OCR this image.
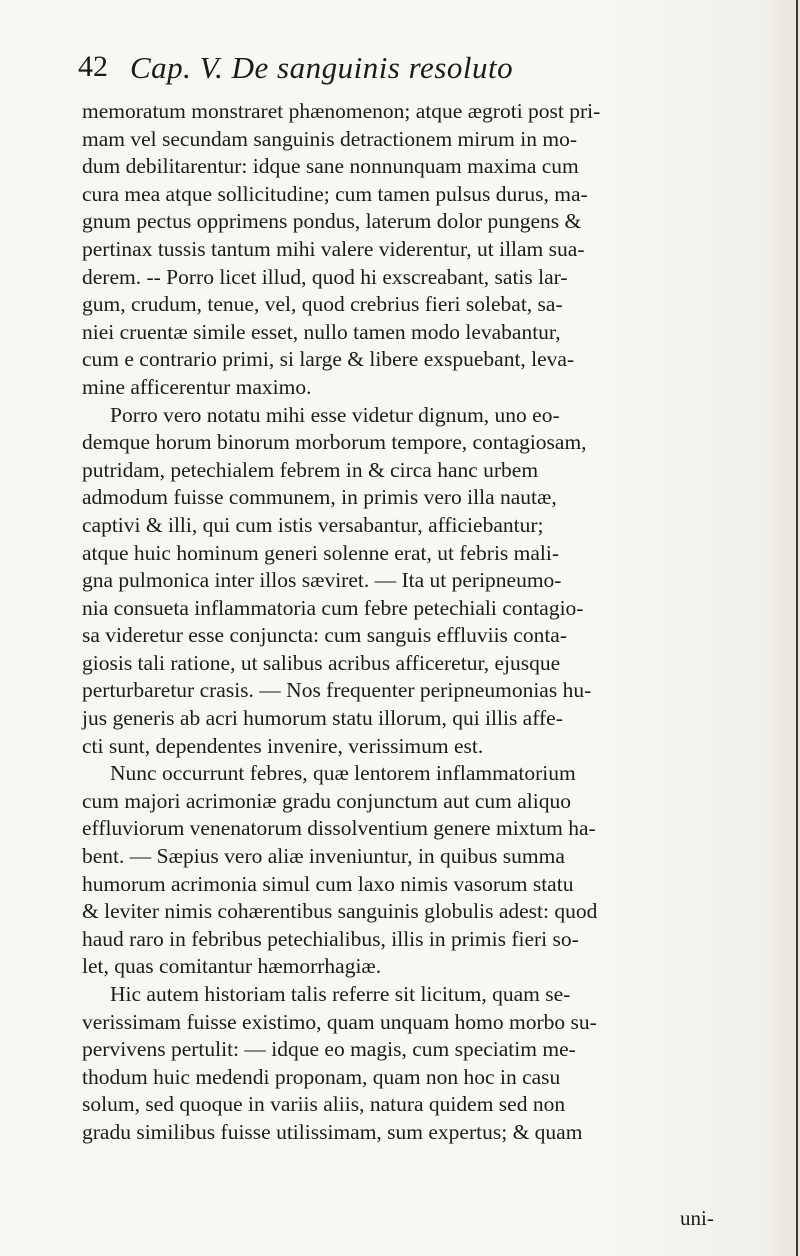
42 Cap. V. De sanguinis resoluto
memoratum monstraret phænomenon; atque ægroti post pri-
mam vel secundam sanguinis detractionem mirum in mo-
dum debilitarentur: idque sane nonnunquam maxima cum
cura mea atque sollicitudine; cum tamen pulsus durus, ma-
gnum pectus opprimens pondus, laterum dolor pungens &
pertinax tussis tantum mihi valere viderentur, ut illam sua-
derem. -- Porro licet illud, quod hi exscreabant, satis lar-
gum, crudum, tenue, vel, quod crebrius fieri solebat, sa-
niei cruentæ simile esset, nullo tamen modo levabantur,
cum e contrario primi, si large & libere exspuebant, leva-
mine afficerentur maximo.
Porro vero notatu mihi esse videtur dignum, uno eo-
demque horum binorum morborum tempore, contagiosam,
putridam, petechialem febrem in & circa hanc urbem
admodum fuisse communem, in primis vero illa nautæ,
captivi & illi, qui cum istis versabantur, afficiebantur;
atque huic hominum generi solenne erat, ut febris mali-
gna pulmonica inter illos sæviret. — Ita ut peripneumo-
nia consueta inflammatoria cum febre petechiali contagio-
sa videretur esse conjuncta: cum sanguis effluviis conta-
giosis tali ratione, ut salibus acribus afficeretur, ejusque
perturbaretur crasis. — Nos frequenter peripneumonias hu-
jus generis ab acri humorum statu illorum, qui illis affe-
cti sunt, dependentes invenire, verissimum est.
Nunc occurrunt febres, quæ lentorem inflammatorium
cum majori acrimoniæ gradu conjunctum aut cum aliquo
effluviorum venenatorum dissolventium genere mixtum ha-
bent. — Sæpius vero aliæ inveniuntur, in quibus summa
humorum acrimonia simul cum laxo nimis vasorum statu
& leviter nimis cohærentibus sanguinis globulis adest: quod
haud raro in febribus petechialibus, illis in primis fieri so-
let, quas comitantur hæmorrhagiæ.
Hic autem historiam talis referre sit licitum, quam se-
verissimam fuisse existimo, quam unquam homo morbo su-
pervivens pertulit: — idque eo magis, cum speciatim me-
thodum huic medendi proponam, quam non hoc in casu
solum, sed quoque in variis aliis, natura quidem sed non
gradu similibus fuisse utilissimam, sum expertus; & quam
uni-
